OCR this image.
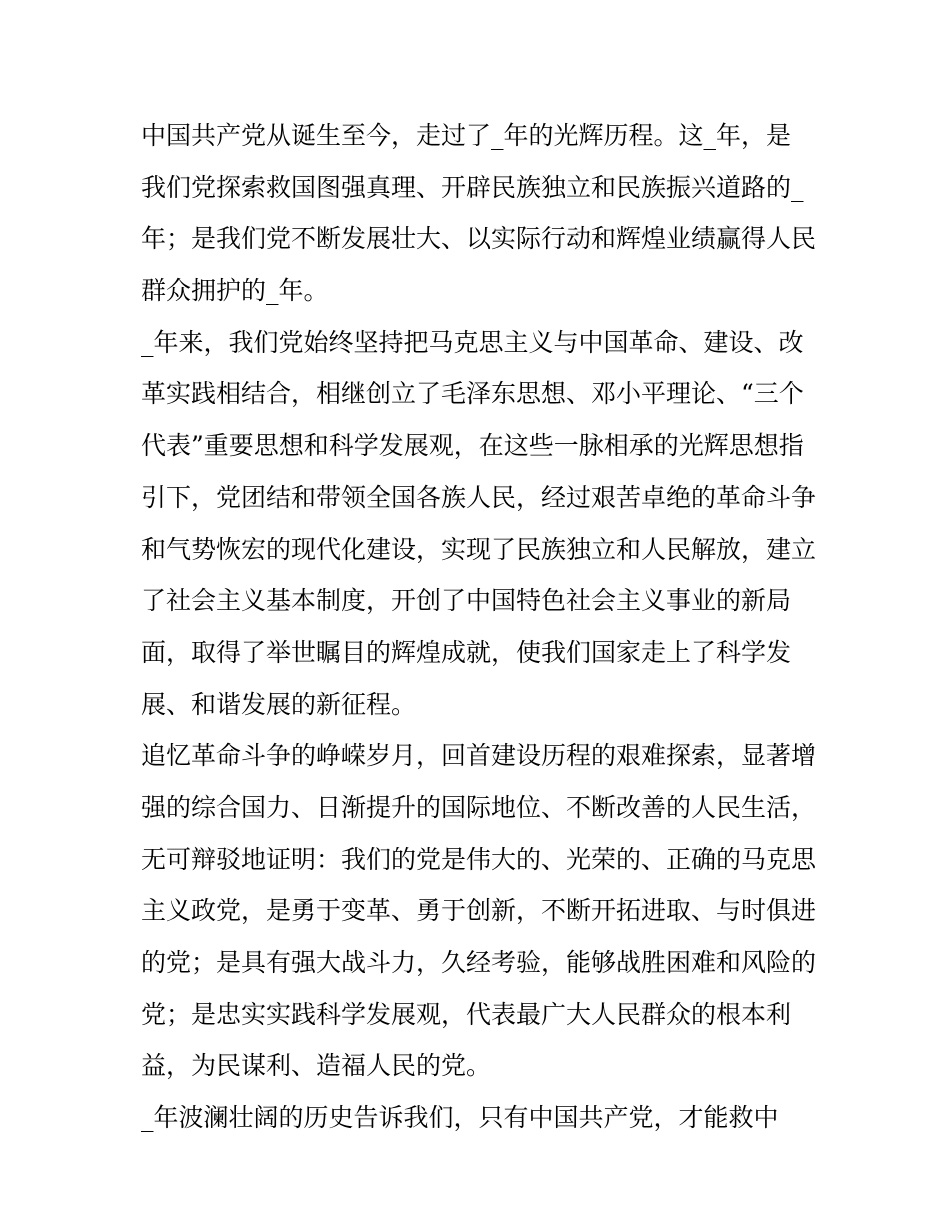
中国共产党从诞生至今，走过了_年的光辉历程。这_年，是
我们党探索救国图强真理、开辟民族独立和民族振兴道路的_
年；是我们党不断发展壮大、以实际行动和辉煌业绩赢得人民
群众拥护的_年。
_年来，我们党始终坚持把马克思主义与中国革命、建设、改
革实践相结合，相继创立了毛泽东思想、邓小平理论、“三个
代表”重要思想和科学发展观，在这些一脉相承的光辉思想指
引下，党团结和带领全国各族人民，经过艰苦卓绝的革命斗争
和气势恢宏的现代化建设，实现了民族独立和人民解放，建立
了社会主义基本制度，开创了中国特色社会主义事业的新局
面，取得了举世瞩目的辉煌成就，使我们国家走上了科学发
展、和谐发展的新征程。
追忆革命斗争的峥嵘岁月，回首建设历程的艰难探索，显著增
强的综合国力、日渐提升的国际地位、不断改善的人民生活，
无可辩驳地证明：我们的党是伟大的、光荣的、正确的马克思
主义政党，是勇于变革、勇于创新，不断开拓进取、与时俱进
的党；是具有强大战斗力，久经考验，能够战胜困难和风险的
党；是忠实实践科学发展观，代表最广大人民群众的根本利
益，为民谋利、造福人民的党。
_年波澜壮阔的历史告诉我们，只有中国共产党，才能救中
